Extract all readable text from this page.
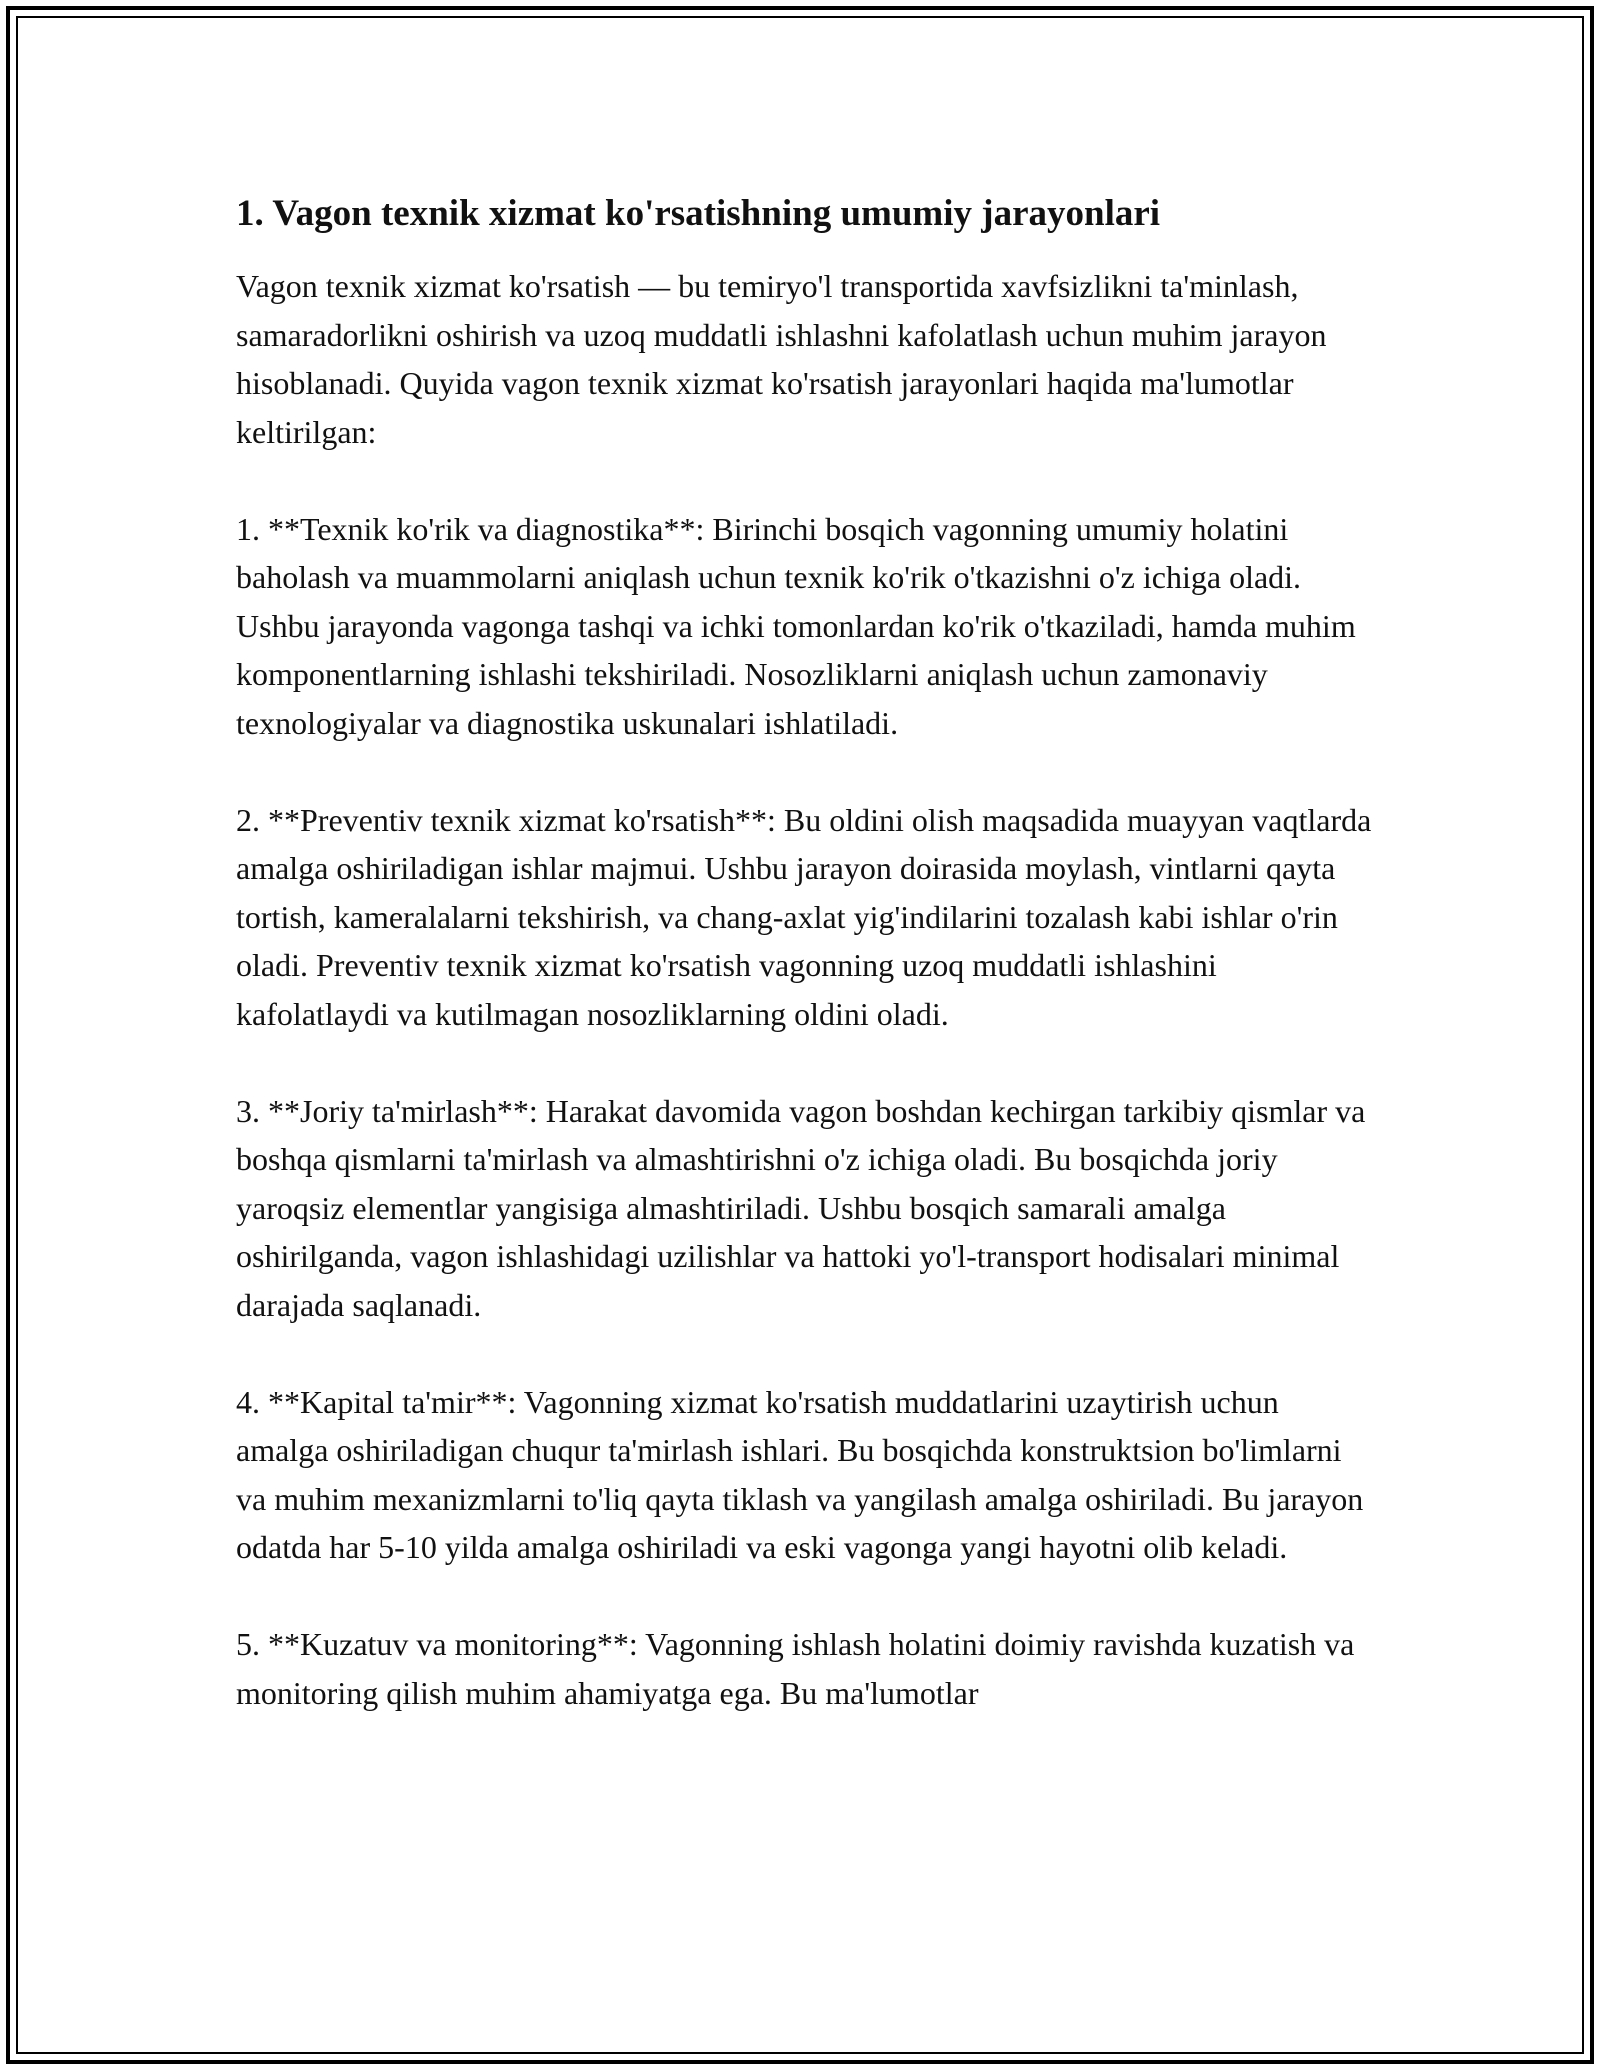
1. Vagon texnik xizmat ko'rsatishning umumiy jarayonlari

Vagon texnik xizmat ko'rsatish — bu temiryo'l transportida xavfsizlikni ta'minlash, samaradorlikni oshirish va uzoq muddatli ishlashni kafolatlash uchun muhim jarayon hisoblanadi. Quyida vagon texnik xizmat ko'rsatish jarayonlari haqida ma'lumotlar keltirilgan:

1. **Texnik ko'rik va diagnostika**: Birinchi bosqich vagonning umumiy holatini baholash va muammolarni aniqlash uchun texnik ko'rik o'tkazishni o'z ichiga oladi. Ushbu jarayonda vagonga tashqi va ichki tomonlardan ko'rik o'tkaziladi, hamda muhim komponentlarning ishlashi tekshiriladi. Nosozliklarni aniqlash uchun zamonaviy texnologiyalar va diagnostika uskunalari ishlatiladi.

2. **Preventiv texnik xizmat ko'rsatish**: Bu oldini olish maqsadida muayyan vaqtlarda amalga oshiriladigan ishlar majmui. Ushbu jarayon doirasida moylash, vintlarni qayta tortish, kameralalarni tekshirish, va chang-axlat yig'indilarini tozalash kabi ishlar o'rin oladi. Preventiv texnik xizmat ko'rsatish vagonning uzoq muddatli ishlashini kafolatlaydi va kutilmagan nosozliklarning oldini oladi.

3. **Joriy ta'mirlash**: Harakat davomida vagon boshdan kechirgan tarkibiy qismlar va boshqa qismlarni ta'mirlash va almashtirishni o'z ichiga oladi. Bu bosqichda joriy yaroqsiz elementlar yangisiga almashtiriladi. Ushbu bosqich samarali amalga oshirilganda, vagon ishlashidagi uzilishlar va hattoki yo'l-transport hodisalari minimal darajada saqlanadi.

4. **Kapital ta'mir**: Vagonning xizmat ko'rsatish muddatlarini uzaytirish uchun amalga oshiriladigan chuqur ta'mirlash ishlari. Bu bosqichda konstruktsion bo'limlarni va muhim mexanizmlarni to'liq qayta tiklash va yangilash amalga oshiriladi. Bu jarayon odatda har 5-10 yilda amalga oshiriladi va eski vagonga yangi hayotni olib keladi.

5. **Kuzatuv va monitoring**: Vagonning ishlash holatini doimiy ravishda kuzatish va monitoring qilish muhim ahamiyatga ega. Bu ma'lumotlar
